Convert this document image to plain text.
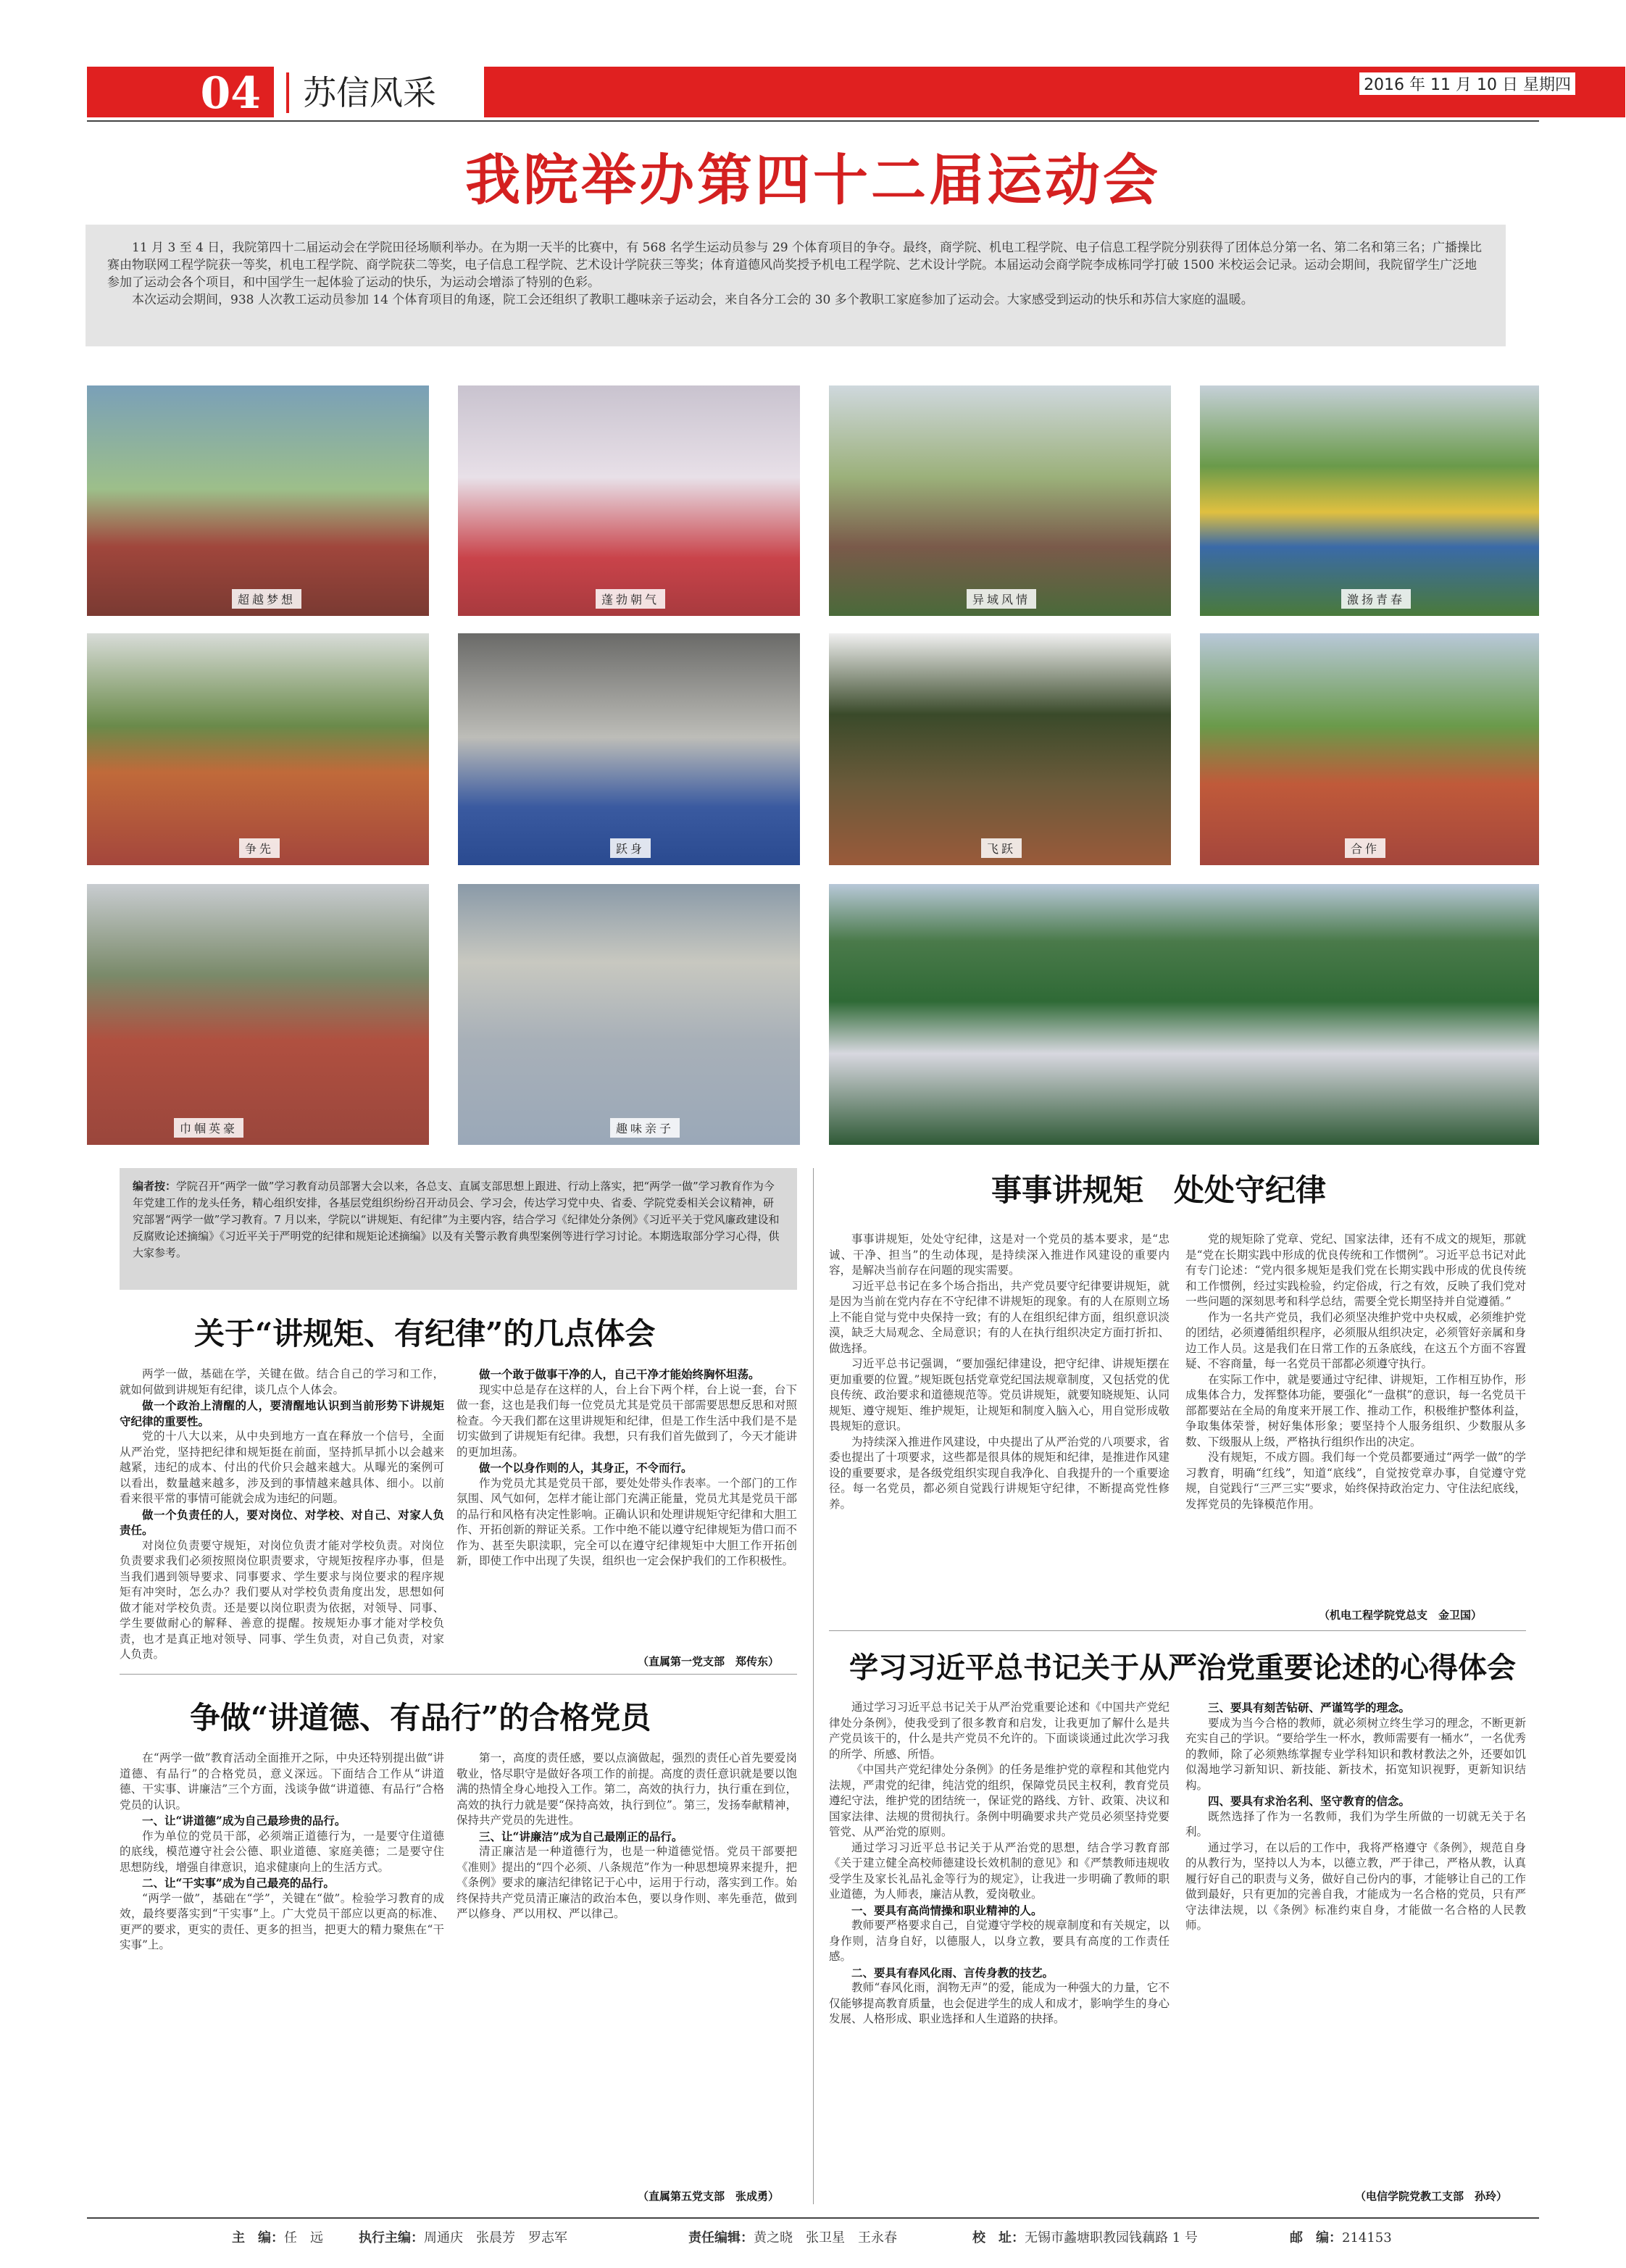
04 苏信风采	2016 年 11 月 10 日 星期四
我院举办第四十二届运动会

11 月 3 至 4 日，我院第四十二届运动会在学院田径场顺利举办。在为期一天半的比赛中，有 568 名学生运动员参与 29 个体育项目的争夺。最终，商学院、机电工程学院、电子信息工程学院分别获得了团体总分第一名、第二名和第三名；广播操比赛由物联网工程学院获一等奖，机电工程学院、商学院获二等奖，电子信息工程学院、艺术设计学院获三等奖；体育道德风尚奖授予机电工程学院、艺术设计学院。本届运动会商学院李成栋同学打破 1500 米校运会记录。运动会期间，我院留学生广泛地参加了运动会各个项目，和中国学生一起体验了运动的快乐，为运动会增添了特别的色彩。

本次运动会期间，938 人次教工运动员参加 14 个体育项目的角逐，院工会还组织了教职工趣味亲子运动会，来自各分工会的 30 多个教职工家庭参加了运动会。大家感受到运动的快乐和苏信大家庭的温暖。

超越梦想	蓬勃朝气	异域风情	激扬青春
争先	跃身	飞跃	合作
巾帼英豪	趣味亲子
编者按：学院召开“两学一做”学习教育动员部署大会以来，各总支、直属支部思想上跟进、行动上落实，把“两学一做”学习教育作为今年党建工作的龙头任务，精心组织安排，各基层党组织纷纷召开动员会、学习会，传达学习党中央、省委、学院党委相关会议精神，研究部署“两学一做”学习教育。7 月以来，学院以“讲规矩、有纪律”为主要内容，结合学习《纪律处分条例》《习近平关于党风廉政建设和反腐败论述摘编》《习近平关于严明党的纪律和规矩论述摘编》以及有关警示教育典型案例等进行学习讨论。本期选取部分学习心得，供大家参考。
关于“讲规矩、有纪律”的几点体会

两学一做，基础在学，关键在做。结合自己的学习和工作，就如何做到讲规矩有纪律，谈几点个人体会。

做一个政治上清醒的人，要清醒地认识到当前形势下讲规矩守纪律的重要性。

党的十八大以来，从中央到地方一直在释放一个信号，全面从严治党，坚持把纪律和规矩挺在前面，坚持抓早抓小以会越来越紧，违纪的成本、付出的代价只会越来越大。从曝光的案例可以看出，数量越来越多，涉及到的事情越来越具体、细小。以前看来很平常的事情可能就会成为违纪的问题。

做一个负责任的人，要对岗位、对学校、对自己、对家人负责任。

对岗位负责要守规矩，对岗位负责才能对学校负责。对岗位负责要求我们必须按照岗位职责要求，守规矩按程序办事，但是当我们遇到领导要求、同事要求、学生要求与岗位要求的程序规矩有冲突时，怎么办？我们要从对学校负责角度出发，思想如何做才能对学校负责。还是要以岗位职责为依据，对领导、同事、学生要做耐心的解释、善意的提醒。按规矩办事才能对学校负责，也才是真正地对领导、同事、学生负责，对自己负责，对家人负责。

做一个敢于做事干净的人，自己干净才能始终胸怀坦荡。

现实中总是存在这样的人，台上台下两个样，台上说一套，台下做一套，这也是我们每一位党员尤其是党员干部需要思想反思和对照检查。今天我们都在这里讲规矩和纪律，但是工作生活中我们是不是切实做到了讲规矩有纪律。我想，只有我们首先做到了，今天才能讲的更加坦荡。

做一个以身作则的人，其身正，不令而行。

作为党员尤其是党员干部，要处处带头作表率。一个部门的工作氛围、风气如何，怎样才能让部门充满正能量，党员尤其是党员干部的品行和风格有决定性影响。正确认识和处理讲规矩守纪律和大胆工作、开拓创新的辩证关系。工作中绝不能以遵守纪律规矩为借口而不作为、甚至失职渎职，完全可以在遵守纪律规矩中大胆工作开拓创新，即使工作中出现了失误，组织也一定会保护我们的工作积极性。

（直属第一党支部　郑传东）
争做“讲道德、有品行”的合格党员

在“两学一做”教育活动全面推开之际，中央还特别提出做“讲道德、有品行”的合格党员，意义深远。下面结合工作从“讲道德、干实事、讲廉洁”三个方面，浅谈争做“讲道德、有品行”合格党员的认识。

一、让“讲道德”成为自己最珍贵的品行。

作为单位的党员干部，必须端正道德行为，一是要守住道德的底线，模范遵守社会公德、职业道德、家庭美德；二是要守住思想防线，增强自律意识，追求健康向上的生活方式。

二、让“干实事”成为自己最亮的品行。

“两学一做”，基础在“学”，关键在“做”。检验学习教育的成效，最终要落实到“干实事”上。广大党员干部应以更高的标准、更严的要求，更实的责任、更多的担当，把更大的精力聚焦在“干实事”上。

第一，高度的责任感，要以点滴做起，强烈的责任心首先要爱岗敬业，恪尽职守是做好各项工作的前提。高度的责任意识就是要以饱满的热情全身心地投入工作。第二，高效的执行力，执行重在到位，高效的执行力就是要“保持高效，执行到位”。第三，发扬奉献精神，保持共产党员的先进性。

三、让“讲廉洁”成为自己最刚正的品行。

清正廉洁是一种道德行为，也是一种道德觉悟。党员干部要把《准则》提出的“四个必须、八条规范”作为一种思想境界来提升，把《条例》要求的廉洁纪律铭记于心中，运用于行动，落实到工作。始终保持共产党员清正廉洁的政治本色，要以身作则、率先垂范，做到严以修身、严以用权、严以律己。

（直属第五党支部　张成勇）
事事讲规矩　处处守纪律

事事讲规矩，处处守纪律，这是对一个党员的基本要求，是“忠诚、干净、担当”的生动体现，是持续深入推进作风建设的重要内容，是解决当前存在问题的现实需要。

习近平总书记在多个场合指出，共产党员要守纪律要讲规矩，就是因为当前在党内存在不守纪律不讲规矩的现象。有的人在原则立场上不能自觉与党中央保持一致；有的人在组织纪律方面，组织意识淡漠，缺乏大局观念、全局意识；有的人在执行组织决定方面打折扣、做选择。

习近平总书记强调，“要加强纪律建设，把守纪律、讲规矩摆在更加重要的位置。”规矩既包括党章党纪国法规章制度，又包括党的优良传统、政治要求和道德规范等。党员讲规矩，就要知晓规矩、认同规矩、遵守规矩、维护规矩，让规矩和制度入脑入心，用自觉形成敬畏规矩的意识。

为持续深入推进作风建设，中央提出了从严治党的八项要求，省委也提出了十项要求，这些都是很具体的规矩和纪律，是推进作风建设的重要要求，是各级党组织实现自我净化、自我提升的一个重要途径。每一名党员，都必须自觉践行讲规矩守纪律，不断提高党性修养。

党的规矩除了党章、党纪、国家法律，还有不成文的规矩，那就是“党在长期实践中形成的优良传统和工作惯例”。习近平总书记对此有专门论述：“党内很多规矩是我们党在长期实践中形成的优良传统和工作惯例，经过实践检验，约定俗成，行之有效，反映了我们党对一些问题的深刻思考和科学总结，需要全党长期坚持并自觉遵循。”

作为一名共产党员，我们必须坚决维护党中央权威，必须维护党的团结，必须遵循组织程序，必须服从组织决定，必须管好亲属和身边工作人员。这是我们在日常工作的五条底线，在这五个方面不容置疑、不容商量，每一名党员干部都必须遵守执行。

在实际工作中，就是要通过守纪律、讲规矩，工作相互协作，形成集体合力，发挥整体功能，要强化“一盘棋”的意识，每一名党员干部都要站在全局的角度来开展工作、推动工作，积极维护整体利益，争取集体荣誉，树好集体形象；要坚持个人服务组织、少数服从多数、下级服从上级，严格执行组织作出的决定。

没有规矩，不成方圆。我们每一个党员都要通过“两学一做”的学习教育，明确“红线”，知道“底线”，自觉按党章办事，自觉遵守党规，自觉践行“三严三实”要求，始终保持政治定力、守住法纪底线，发挥党员的先锋模范作用。

（机电工程学院党总支　金卫国）
学习习近平总书记关于从严治党重要论述的心得体会

通过学习习近平总书记关于从严治党重要论述和《中国共产党纪律处分条例》，使我受到了很多教育和启发，让我更加了解什么是共产党员该干的，什么是共产党员不允许的。下面谈谈通过此次学习我的所学、所感、所悟。

《中国共产党纪律处分条例》的任务是维护党的章程和其他党内法规，严肃党的纪律，纯洁党的组织，保障党员民主权利，教育党员遵纪守法，维护党的团结统一，保证党的路线、方针、政策、决议和国家法律、法规的贯彻执行。条例中明确要求共产党员必须坚持党要管党、从严治党的原则。

通过学习习近平总书记关于从严治党的思想，结合学习教育部《关于建立健全高校师德建设长效机制的意见》和《严禁教师违规收受学生及家长礼品礼金等行为的规定》，让我进一步明确了教师的职业道德，为人师表，廉洁从教，爱岗敬业。

一、要具有高尚情操和职业精神的人。

教师要严格要求自己，自觉遵守学校的规章制度和有关规定，以身作则，洁身自好，以德服人，以身立教，要具有高度的工作责任感。

二、要具有春风化雨、言传身教的技艺。

教师“春风化雨，润物无声”的爱，能成为一种强大的力量，它不仅能够提高教育质量，也会促进学生的成人和成才，影响学生的身心发展、人格形成、职业选择和人生道路的抉择。

三、要具有刻苦钻研、严谨笃学的理念。

要成为当今合格的教师，就必须树立终生学习的理念，不断更新充实自己的学识。“要给学生一杯水，教师需要有一桶水”，一名优秀的教师，除了必须熟练掌握专业学科知识和教材教法之外，还要如饥似渴地学习新知识、新技能、新技术，拓宽知识视野，更新知识结构。

四、要具有求治名利、坚守教育的信念。

既然选择了作为一名教师，我们为学生所做的一切就无关于名利。

通过学习，在以后的工作中，我将严格遵守《条例》，规范自身的从教行为，坚持以人为本，以德立教，严于律己，严格从教，认真履行好自己的职责与义务，做好自己份内的事，才能够让自己的工作做到最好，只有更加的完善自我，才能成为一名合格的党员，只有严守法律法规，以《条例》标准约束自身，才能做一名合格的人民教师。

（电信学院党教工支部　孙玲）
主　编：任　远	执行主编：周通庆　张晨芳　罗志军	责任编辑：黄之晓　张卫星　王永春	校　址：无锡市蠡塘职教园钱藕路 1 号	邮　编：214153
